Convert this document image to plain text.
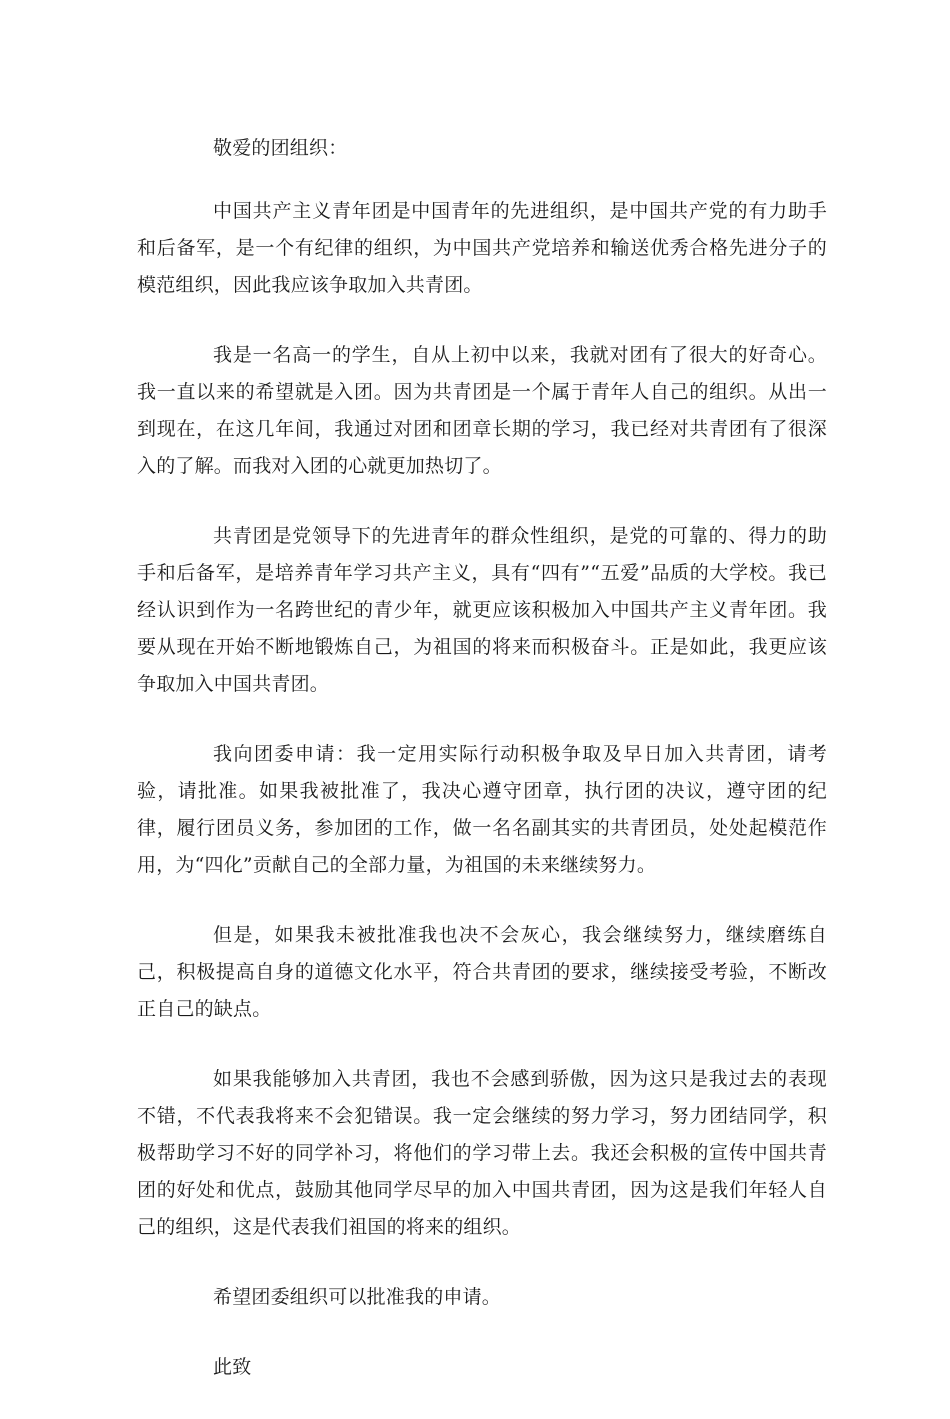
敬爱的团组织：

中国共产主义青年团是中国青年的先进组织，是中国共产党的有力助手和后备军，是一个有纪律的组织，为中国共产党培养和输送优秀合格先进分子的模范组织，因此我应该争取加入共青团。

我是一名高一的学生，自从上初中以来，我就对团有了很大的好奇心。我一直以来的希望就是入团。因为共青团是一个属于青年人自己的组织。从出一到现在，在这几年间，我通过对团和团章长期的学习，我已经对共青团有了很深入的了解。而我对入团的心就更加热切了。

共青团是党领导下的先进青年的群众性组织，是党的可靠的、得力的助手和后备军，是培养青年学习共产主义，具有“四有”“五爱”品质的大学校。我已经认识到作为一名跨世纪的青少年，就更应该积极加入中国共产主义青年团。我要从现在开始不断地锻炼自己，为祖国的将来而积极奋斗。正是如此，我更应该争取加入中国共青团。

我向团委申请：我一定用实际行动积极争取及早日加入共青团，请考验，请批准。如果我被批准了，我决心遵守团章，执行团的决议，遵守团的纪律，履行团员义务，参加团的工作，做一名名副其实的共青团员，处处起模范作用，为“四化”贡献自己的全部力量，为祖国的未来继续努力。

但是，如果我未被批准我也决不会灰心，我会继续努力，继续磨练自己，积极提高自身的道德文化水平，符合共青团的要求，继续接受考验，不断改正自己的缺点。

如果我能够加入共青团，我也不会感到骄傲，因为这只是我过去的表现不错，不代表我将来不会犯错误。我一定会继续的努力学习，努力团结同学，积极帮助学习不好的同学补习，将他们的学习带上去。我还会积极的宣传中国共青团的好处和优点，鼓励其他同学尽早的加入中国共青团，因为这是我们年轻人自己的组织，这是代表我们祖国的将来的组织。

希望团委组织可以批准我的申请。

此致
